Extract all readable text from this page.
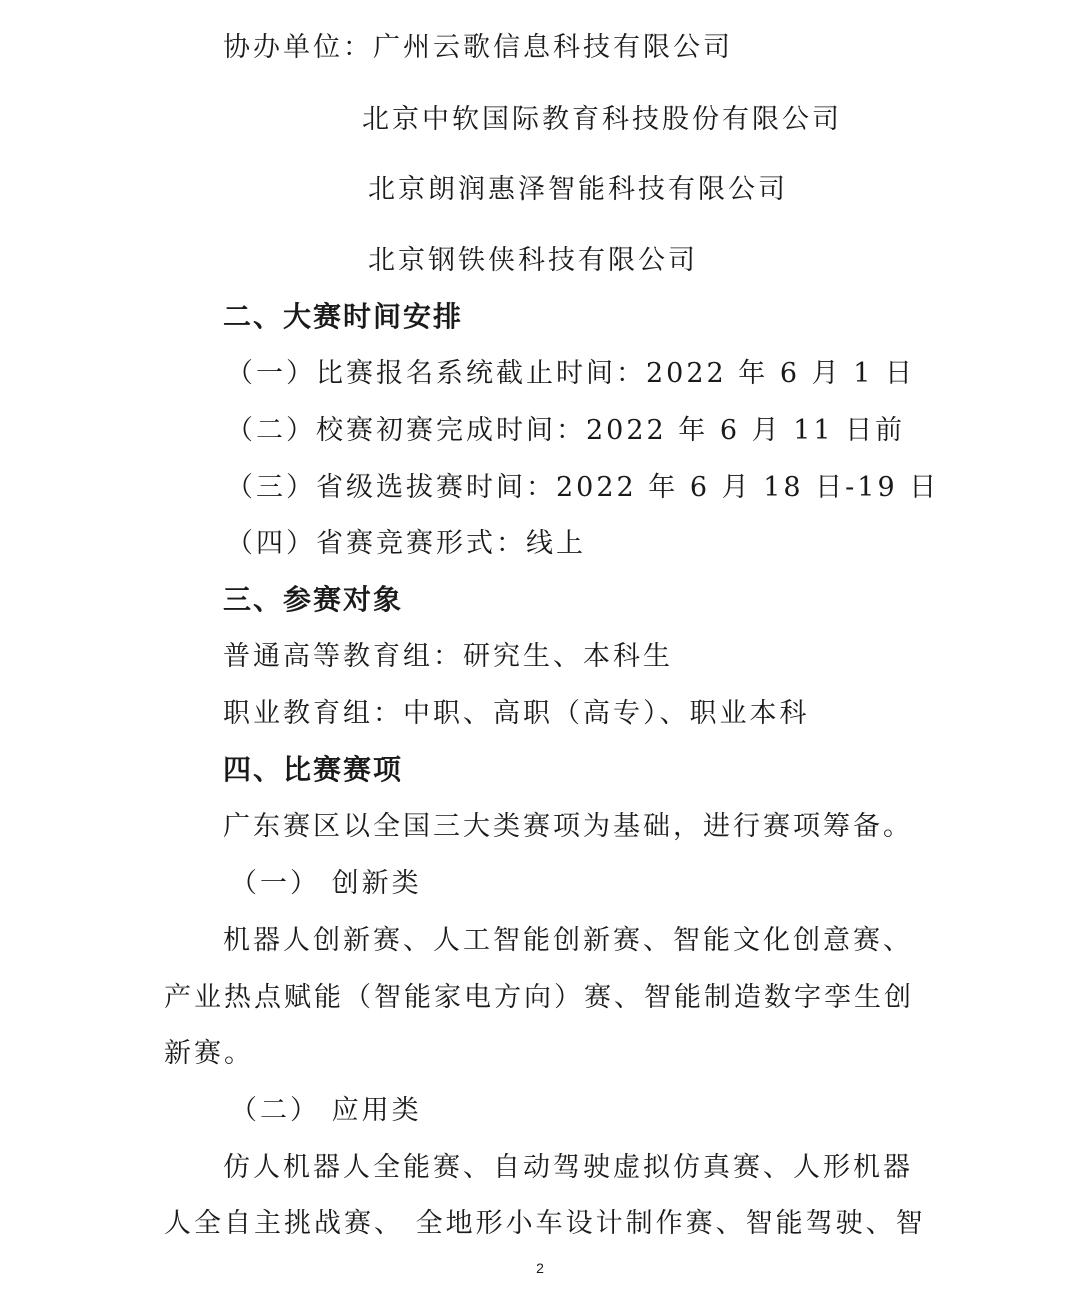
协办单位：广州云歌信息科技有限公司
北京中软国际教育科技股份有限公司
北京朗润惠泽智能科技有限公司
北京钢铁侠科技有限公司
二、大赛时间安排
（一）比赛报名系统截止时间：2022 年 6 月 1 日
（二）校赛初赛完成时间：2022 年 6 月 11 日前
（三）省级选拔赛时间：2022 年 6 月 18 日-19 日
（四）省赛竞赛形式：线上
三、参赛对象
普通高等教育组：研究生、本科生
职业教育组：中职、高职（高专）、职业本科
四、比赛赛项
广东赛区以全国三大类赛项为基础，进行赛项筹备。
（一） 创新类
机器人创新赛、人工智能创新赛、智能文化创意赛、
产业热点赋能（智能家电方向）赛、智能制造数字孪生创
新赛。
（二） 应用类
仿人机器人全能赛、自动驾驶虚拟仿真赛、人形机器
人全自主挑战赛、 全地形小车设计制作赛、智能驾驶、智
2
